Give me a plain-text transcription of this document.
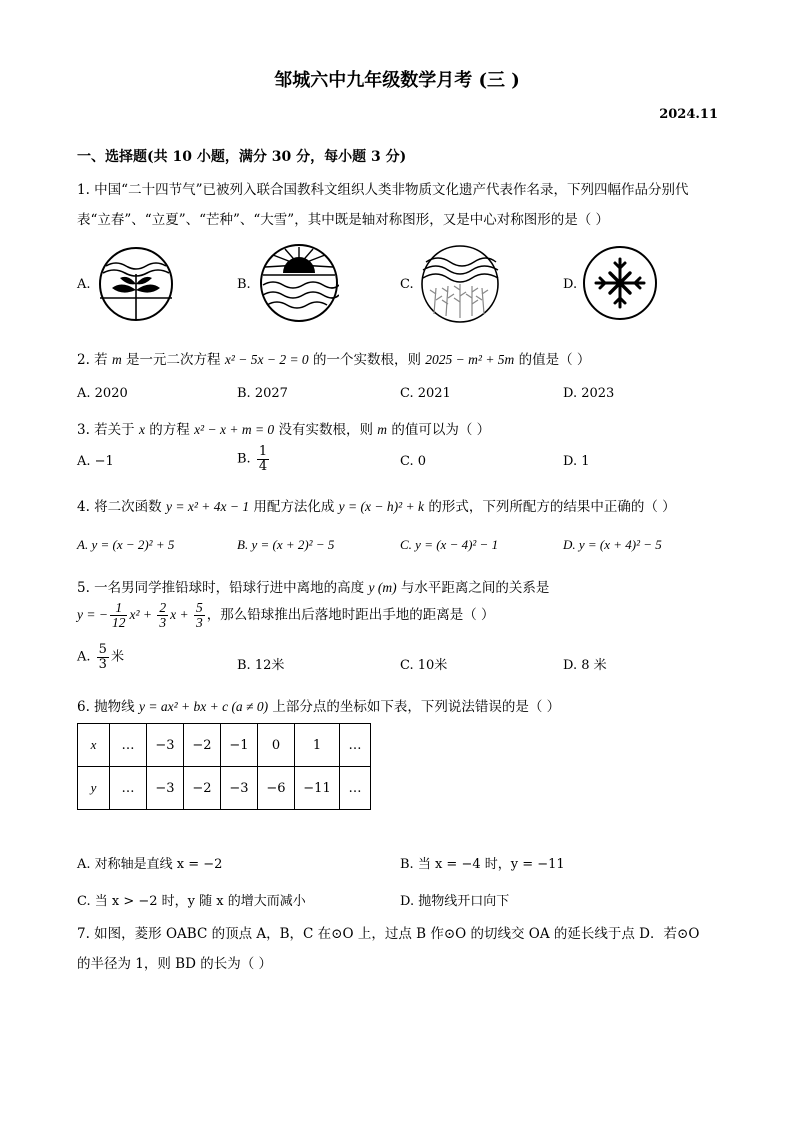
邹城六中九年级数学月考 (三 )
2024.11
一、选择题(共 10 小题，满分 30 分，每小题 3 分)
1. 中国“二十四节气”已被列入联合国教科文组织人类非物质文化遗产代表作名录，下列四幅作品分别代
表“立春”、“立夏”、“芒种”、“大雪”，其中既是轴对称图形，又是中心对称图形的是（ ）
A.	B.	C.	D.
2. 若 m 是一元二次方程 x² − 5x − 2 = 0 的一个实数根，则 2025 − m² + 5m 的值是（ ）
A. 2020	B. 2027	C. 2021	D. 2023
3. 若关于 x 的方程 x² − x + m = 0 没有实数根，则 m 的值可以为（ ）
A. −1	B. $\frac{1}{4}$	C. 0	D. 1
4. 将二次函数 y = x² + 4x − 1 用配方法化成 y = (x − h)² + k 的形式，下列所配方的结果中正确的（ ）
A. y = (x − 2)² + 5	B. y = (x + 2)² − 5	C. y = (x − 4)² − 1	D. y = (x + 4)² − 5
5. 一名男同学推铅球时，铅球行进中离地的高度 y (m) 与水平距离之间的关系是
y = − $\frac{1}{12} x^2 + \frac{2}{3}$ $x + \frac{5}{3}$ ，那么铅球推出后落地时距出手地的距离是（ ）
A. $\frac{5}{3}$ 米
B. 12米	C. 10米	D. 8 米
6. 抛物线 y = ax² + bx + c (a ≠ 0) 上部分点的坐标如下表，下列说法错误的是（ ）
x	…	−3	−2	−1	0	1	…
y	…	−3	−2	−3	−6	−11	…
A. 对称轴是直线 x = −2	B. 当 x = −4 时，y = −11
C. 当 x > −2 时，y 随 x 的增大而减小	D. 抛物线开口向下
7. 如图，菱形 OABC 的顶点 A，B，C 在⊙O 上，过点 B 作⊙O 的切线交 OA 的延长线于点 D．若⊙O
的半径为 1，则 BD 的长为（ ）
